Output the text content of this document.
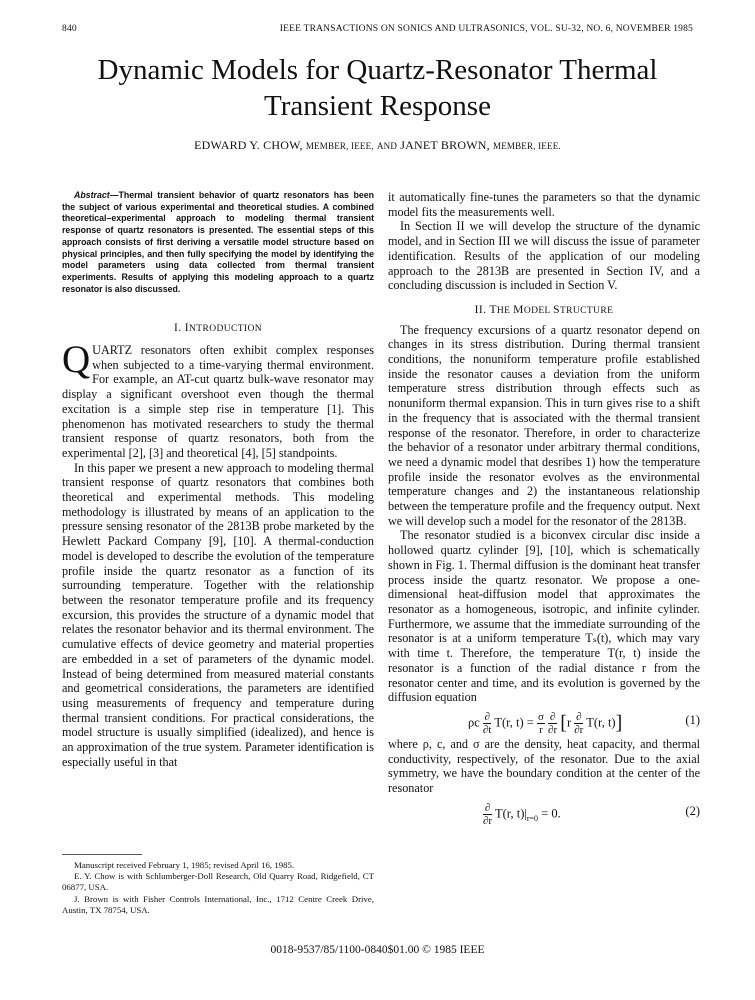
840	IEEE TRANSACTIONS ON SONICS AND ULTRASONICS, VOL. SU-32, NO. 6, NOVEMBER 1985
Dynamic Models for Quartz-Resonator Thermal
Transient Response
EDWARD Y. CHOW, MEMBER, IEEE, AND JANET BROWN, MEMBER, IEEE.

Abstract—Thermal transient behavior of quartz resonators has been the subject of various experimental and theoretical studies. A combined theoretical–experimental approach to modeling thermal transient response of quartz resonators is presented. The essential steps of this approach consists of first deriving a versatile model structure based on physical principles, and then fully specifying the model by identifying the model parameters using data collected from thermal transient experiments. Results of applying this modeling approach to a quartz resonator is also discussed.

I. INTRODUCTION

QUARTZ resonators often exhibit complex responses when subjected to a time-varying thermal environment. For example, an AT-cut quartz bulk-wave resonator may display a significant overshoot even though the thermal excitation is a simple step rise in temperature [1]. This phenomenon has motivated researchers to study the thermal transient response of quartz resonators, both from the experimental [2], [3] and theoretical [4], [5] standpoints.

In this paper we present a new approach to modeling thermal transient response of quartz resonators that combines both theoretical and experimental methods. This modeling methodology is illustrated by means of an application to the pressure sensing resonator of the 2813B probe marketed by the Hewlett Packard Company [9], [10]. A thermal-conduction model is developed to describe the evolution of the temperature profile inside the quartz resonator as a function of its surrounding temperature. Together with the relationship between the resonator temperature profile and its frequency excursion, this provides the structure of a dynamic model that relates the resonator behavior and its thermal environment. The cumulative effects of device geometry and material properties are embedded in a set of parameters of the dynamic model. Instead of being determined from measured material constants and geometrical considerations, the parameters are identified using measurements of frequency and temperature during thermal transient conditions. For practical considerations, the model structure is usually simplified (idealized), and hence is an approximation of the true system. Parameter identification is especially useful in that

Manuscript received February 1, 1985; revised April 16, 1985.

E. Y. Chow is with Schlumberger-Doll Research, Old Quarry Road, Ridgefield, CT 06877, USA.

J. Brown is with Fisher Controls International, Inc., 1712 Centre Creek Drive, Austin, TX 78754, USA.

it automatically fine-tunes the parameters so that the dynamic model fits the measurements well.

In Section II we will develop the structure of the dynamic model, and in Section III we will discuss the issue of parameter identification. Results of the application of our modeling approach to the 2813B are presented in Section IV, and a concluding discussion is included in Section V.

II. THE MODEL STRUCTURE

The frequency excursions of a quartz resonator depend on changes in its stress distribution. During thermal transient conditions, the nonuniform temperature profile established inside the resonator causes a deviation from the uniform temperature stress distribution through effects such as nonuniform thermal expansion. This in turn gives rise to a shift in the frequency that is associated with the thermal transient response of the resonator. Therefore, in order to characterize the behavior of a resonator under arbitrary thermal conditions, we need a dynamic model that desribes 1) how the temperature profile inside the resonator evolves as the environmental temperature changes and 2) the instantaneous relationship between the temperature profile and the frequency output. Next we will develop such a model for the resonator of the 2813B.

The resonator studied is a biconvex circular disc inside a hollowed quartz cylinder [9], [10], which is schematically shown in Fig. 1. Thermal diffusion is the dominant heat transfer process inside the quartz resonator. We propose a one-dimensional heat-diffusion model that approximates the resonator as a homogeneous, isotropic, and infinite cylinder. Furthermore, we assume that the immediate surrounding of the resonator is at a uniform temperature Tₛ(t), which may vary with time t. Therefore, the temperature T(r, t) inside the resonator is a function of the radial distance r from the resonator center and time, and its evolution is governed by the diffusion equation

ρc $\frac{\partial}{\partial t} T(r$, $t) = \frac{\sigma}{r}$
$\frac{\partial}{\partial r} [r \frac{\partial}{\partial r} T(r$, t)]	(1)

where ρ, c, and σ are the density, heat capacity, and thermal conductivity, respectively, of the resonator. Due to the axial symmetry, we have the boundary condition at the center of the resonator

$\frac{\partial}{\partial r} T(r$, $t)|_{r=0} = 0$.	(2)
0018-9537/85/1100-0840$01.00 © 1985 IEEE
